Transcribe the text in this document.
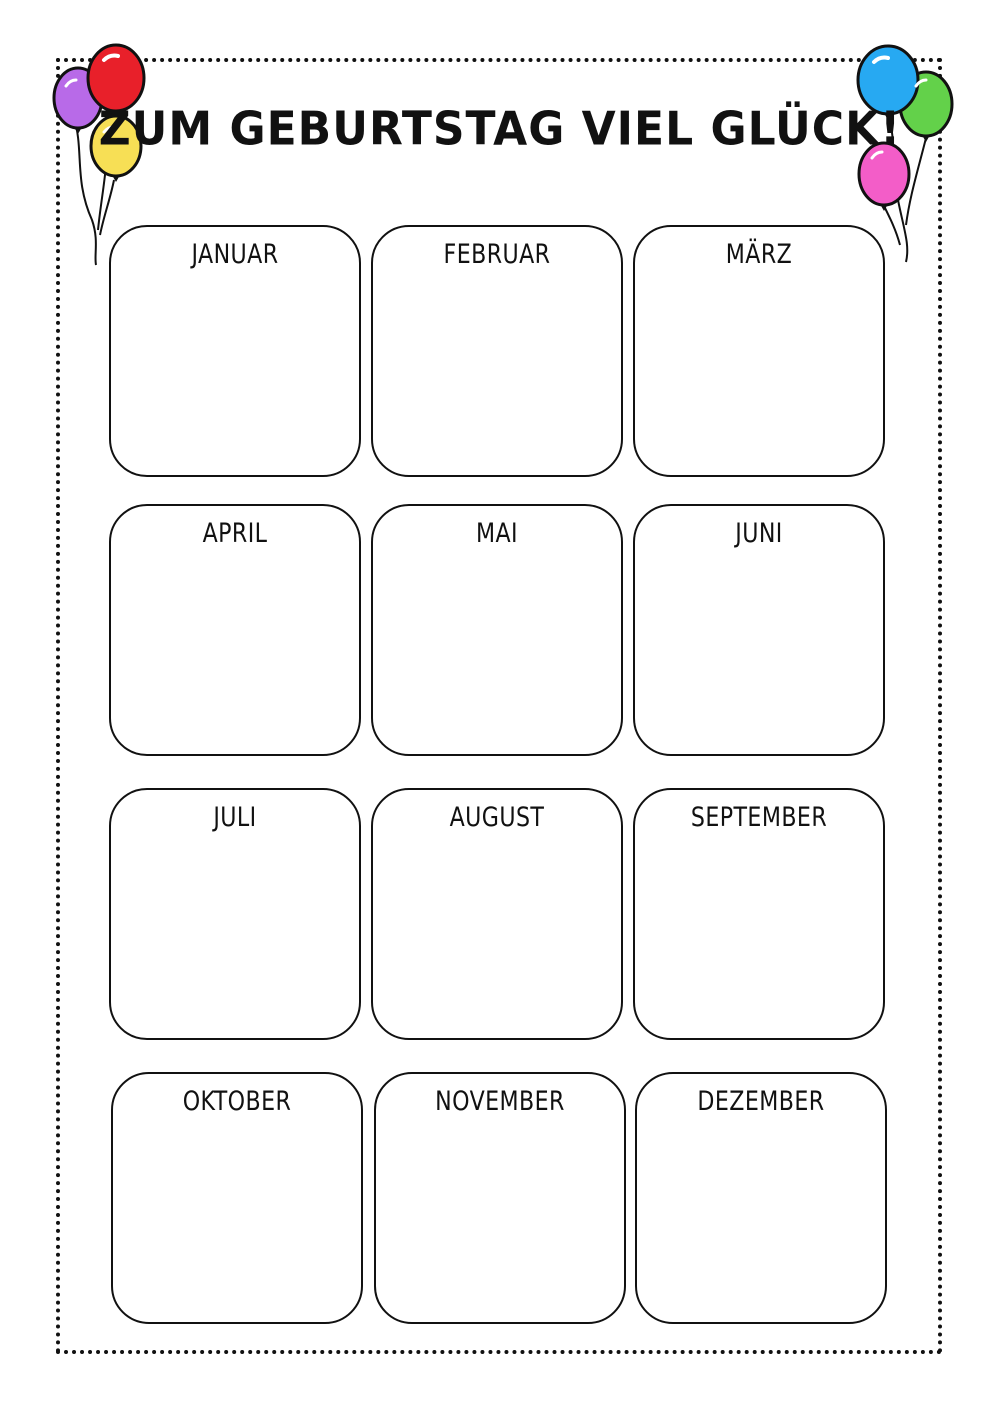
ZUM GEBURTSTAG VIEL GLÜCK!
JANUAR	FEBRUAR	MÄRZ
APRIL	MAI	JUNI
JULI	AUGUST	SEPTEMBER
OKTOBER	NOVEMBER	DEZEMBER
